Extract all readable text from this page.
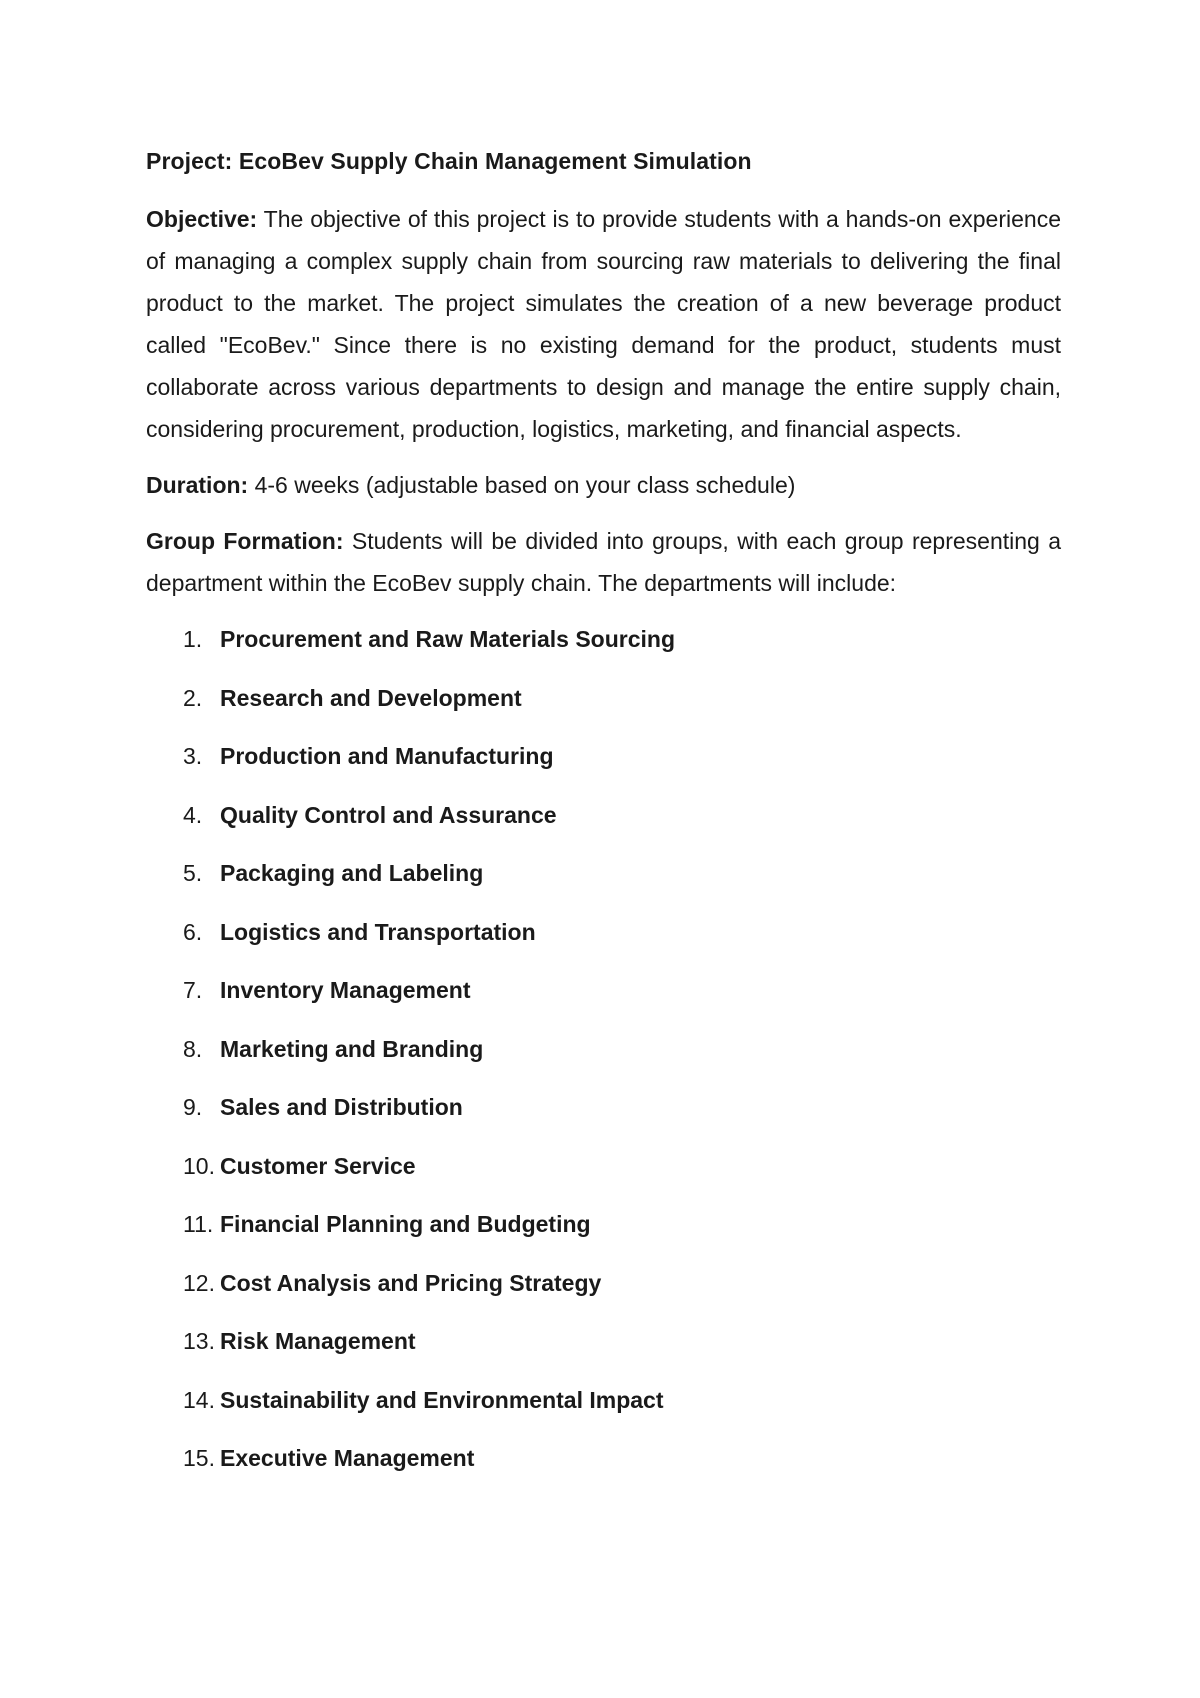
Project: EcoBev Supply Chain Management Simulation

Objective: The objective of this project is to provide students with a hands-on experience of managing a complex supply chain from sourcing raw materials to delivering the final product to the market. The project simulates the creation of a new beverage product called "EcoBev." Since there is no existing demand for the product, students must collaborate across various departments to design and manage the entire supply chain, considering procurement, production, logistics, marketing, and financial aspects.

Duration: 4-6 weeks (adjustable based on your class schedule)

Group Formation: Students will be divided into groups, with each group representing a department within the EcoBev supply chain. The departments will include:

1. Procurement and Raw Materials Sourcing
2. Research and Development
3. Production and Manufacturing
4. Quality Control and Assurance
5. Packaging and Labeling
6. Logistics and Transportation
7. Inventory Management
8. Marketing and Branding
9. Sales and Distribution
10. Customer Service
11. Financial Planning and Budgeting
12. Cost Analysis and Pricing Strategy
13. Risk Management
14. Sustainability and Environmental Impact
15. Executive Management
